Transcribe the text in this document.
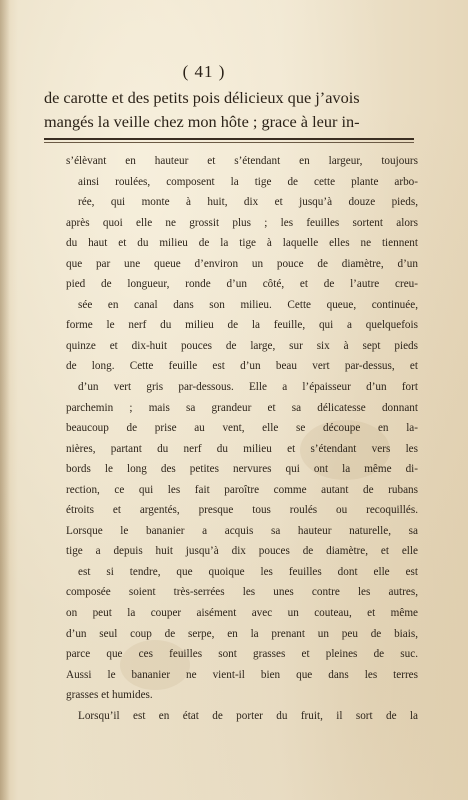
( 41 )
de carotte et des petits pois délicieux que j’avois
mangés la veille chez mon hôte ; grace à leur in-
s’élèvant en hauteur et s’étendant en largeur, toujours
ainsi roulées, composent la tige de cette plante arbo-
rée, qui monte à huit, dix et jusqu’à douze pieds,
après quoi elle ne grossit plus ; les feuilles sortent alors
du haut et du milieu de la tige à laquelle elles ne tiennent
que par une queue d’environ un pouce de diamètre, d’un
pied de longueur, ronde d’un côté, et de l’autre creu-
sée en canal dans son milieu. Cette queue, continuée,
forme le nerf du milieu de la feuille, qui a quelquefois
quinze et dix-huit pouces de large, sur six à sept pieds
de long. Cette feuille est d’un beau vert par-dessus, et
d’un vert gris par-dessous. Elle a l’épaisseur d’un fort
parchemin ; mais sa grandeur et sa délicatesse donnant
beaucoup de prise au vent, elle se découpe en la-
nières, partant du nerf du milieu et s’étendant vers les
bords le long des petites nervures qui ont la même di-
rection, ce qui les fait paroître comme autant de rubans
étroits et argentés, presque tous roulés ou recoquillés.
Lorsque le bananier a acquis sa hauteur naturelle, sa
tige a depuis huit jusqu’à dix pouces de diamètre, et elle
est si tendre, que quoique les feuilles dont elle est
composée soient très-serrées les unes contre les autres,
on peut la couper aisément avec un couteau, et même
d’un seul coup de serpe, en la prenant un peu de biais,
parce que ces feuilles sont grasses et pleines de suc.
Aussi le bananier ne vient-il bien que dans les terres
grasses et humides.
Lorsqu’il est en état de porter du fruit, il sort de la
